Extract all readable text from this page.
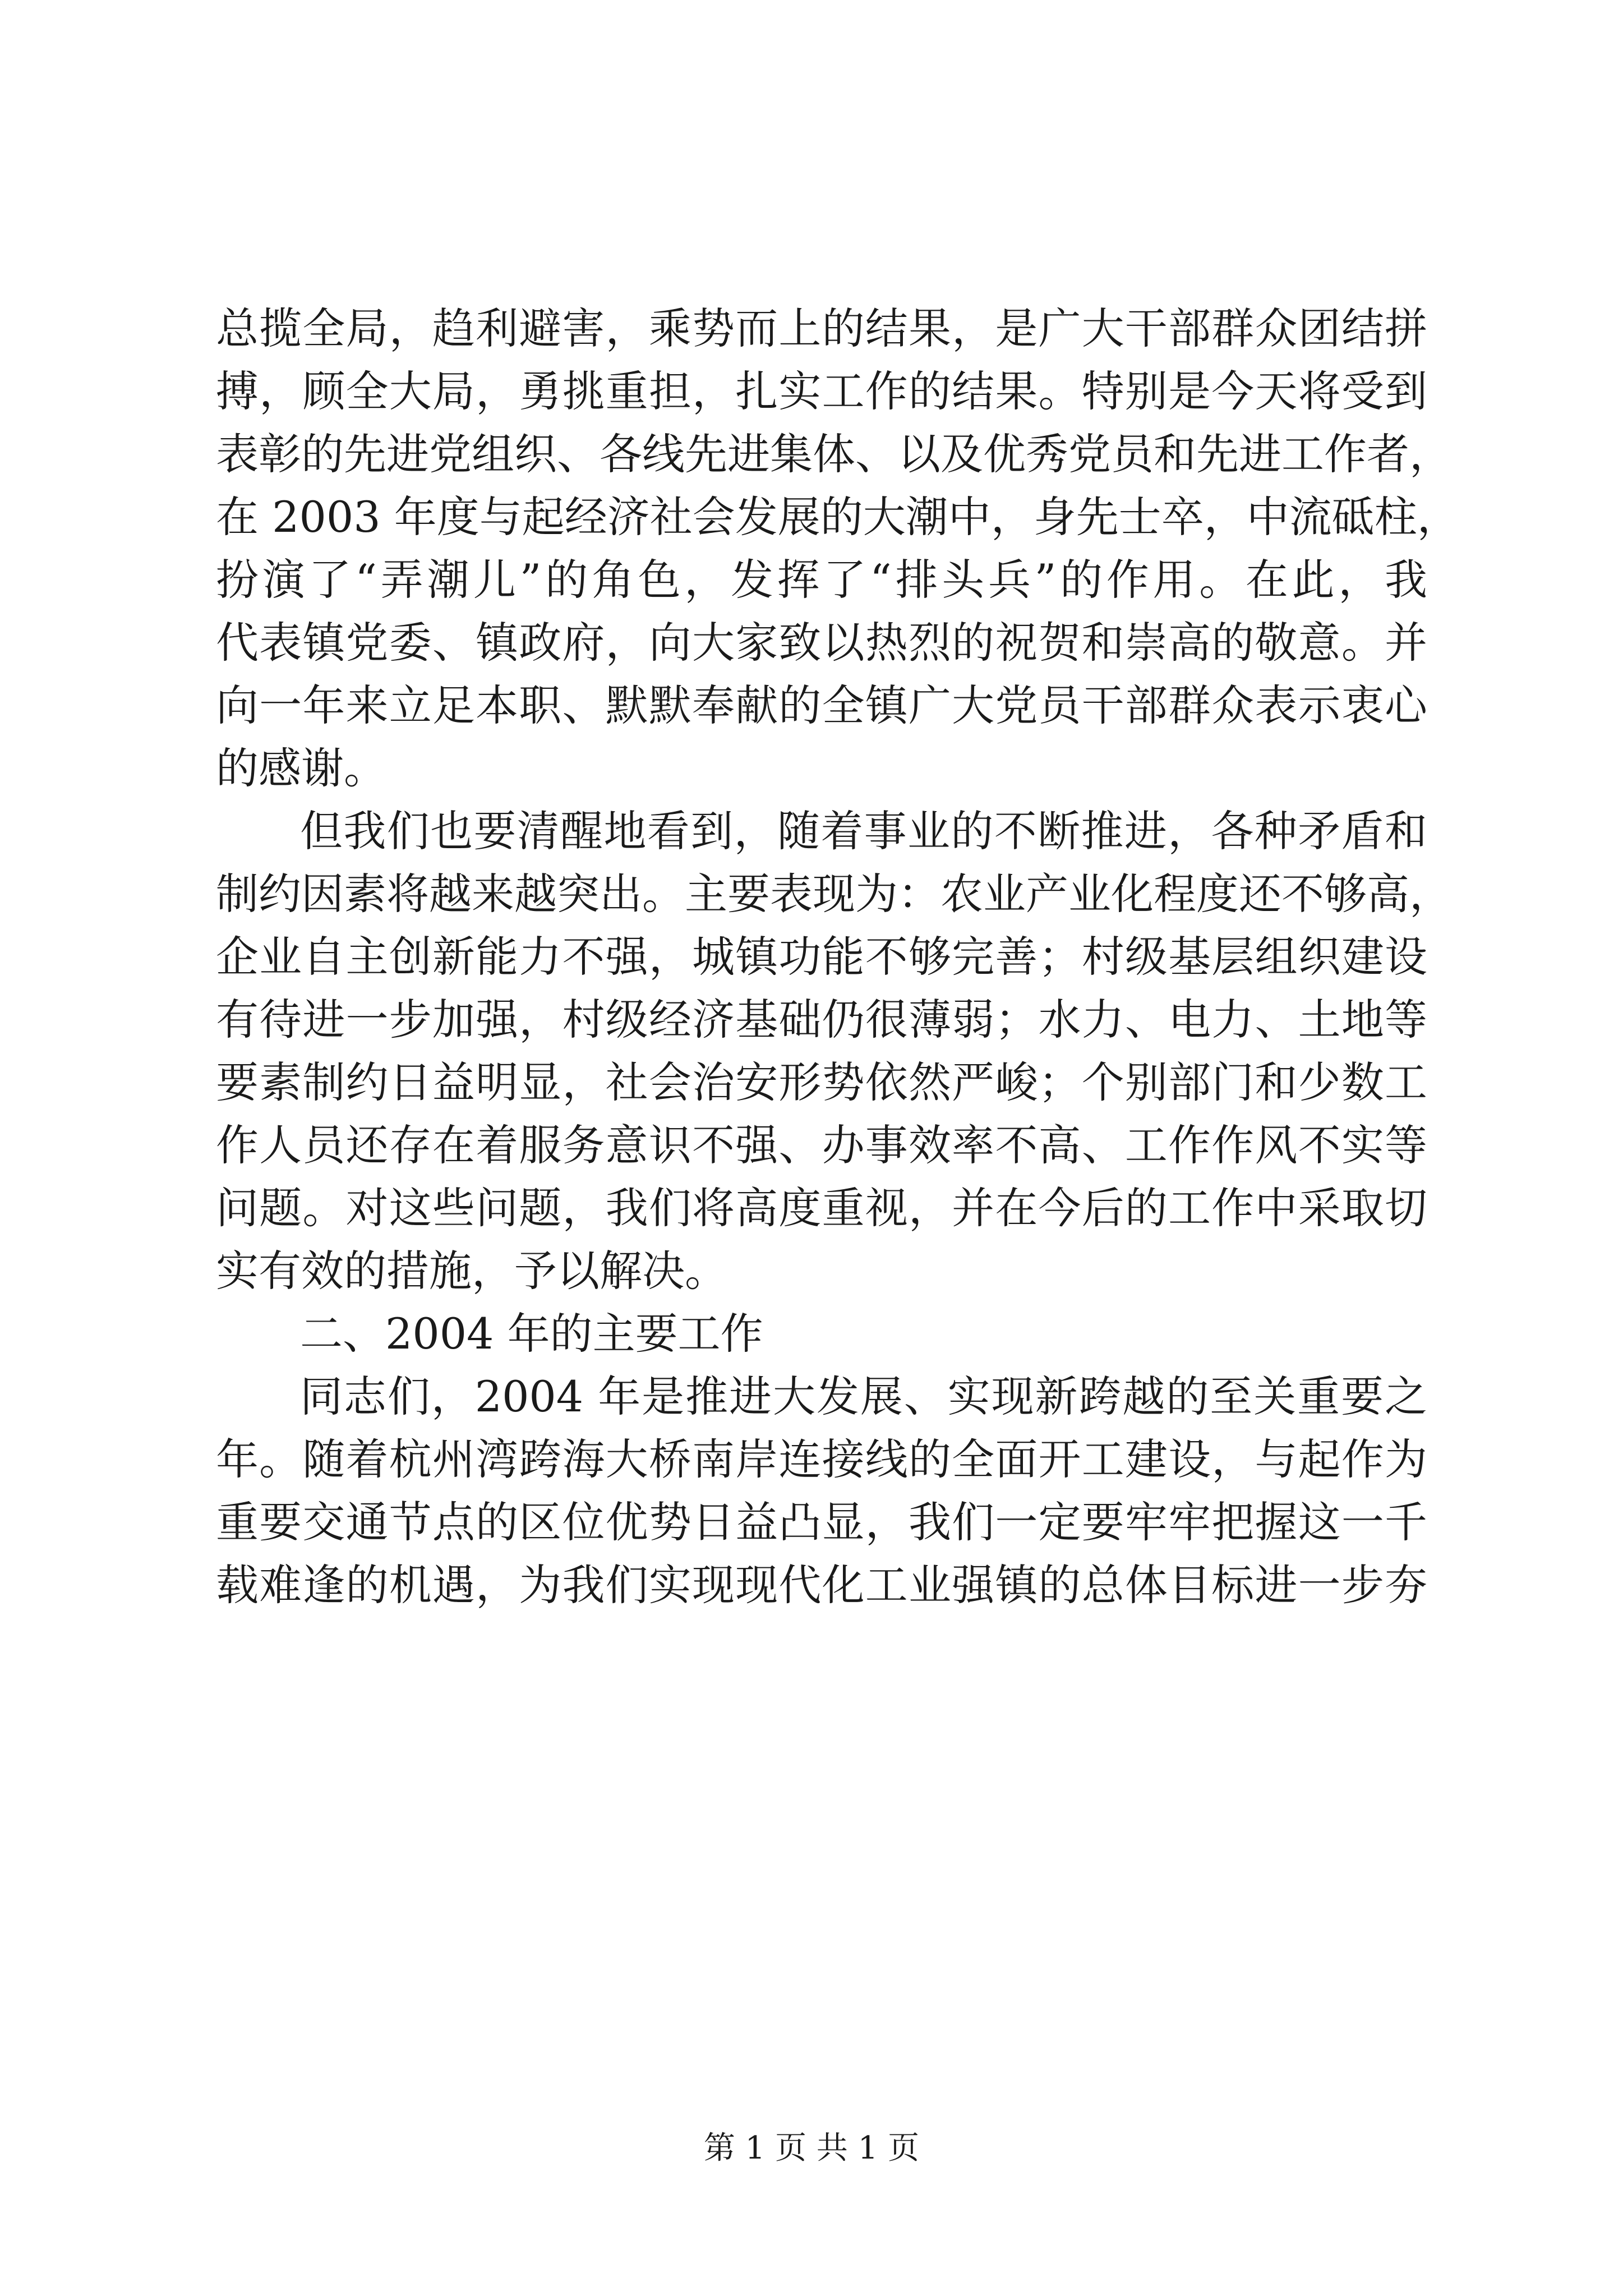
总揽全局，趋利避害，乘势而上的结果，是广大干部群众团结拼
搏，顾全大局，勇挑重担，扎实工作的结果。特别是今天将受到
表彰的先进党组织、各线先进集体、以及优秀党员和先进工作者，
在 2003 年度与起经济社会发展的大潮中，身先士卒，中流砥柱，
扮演了“弄潮儿”的角色，发挥了“排头兵”的作用。在此，我
代表镇党委、镇政府，向大家致以热烈的祝贺和崇高的敬意。并
向一年来立足本职、默默奉献的全镇广大党员干部群众表示衷心
的感谢。
但我们也要清醒地看到，随着事业的不断推进，各种矛盾和
制约因素将越来越突出。主要表现为：农业产业化程度还不够高，
企业自主创新能力不强，城镇功能不够完善；村级基层组织建设
有待进一步加强，村级经济基础仍很薄弱；水力、电力、土地等
要素制约日益明显，社会治安形势依然严峻；个别部门和少数工
作人员还存在着服务意识不强、办事效率不高、工作作风不实等
问题。对这些问题，我们将高度重视，并在今后的工作中采取切
实有效的措施，予以解决。
二、2004 年的主要工作
同志们，2004 年是推进大发展、实现新跨越的至关重要之
年。随着杭州湾跨海大桥南岸连接线的全面开工建设，与起作为
重要交通节点的区位优势日益凸显，我们一定要牢牢把握这一千
载难逢的机遇，为我们实现现代化工业强镇的总体目标进一步夯
第 1 页 共 1 页
